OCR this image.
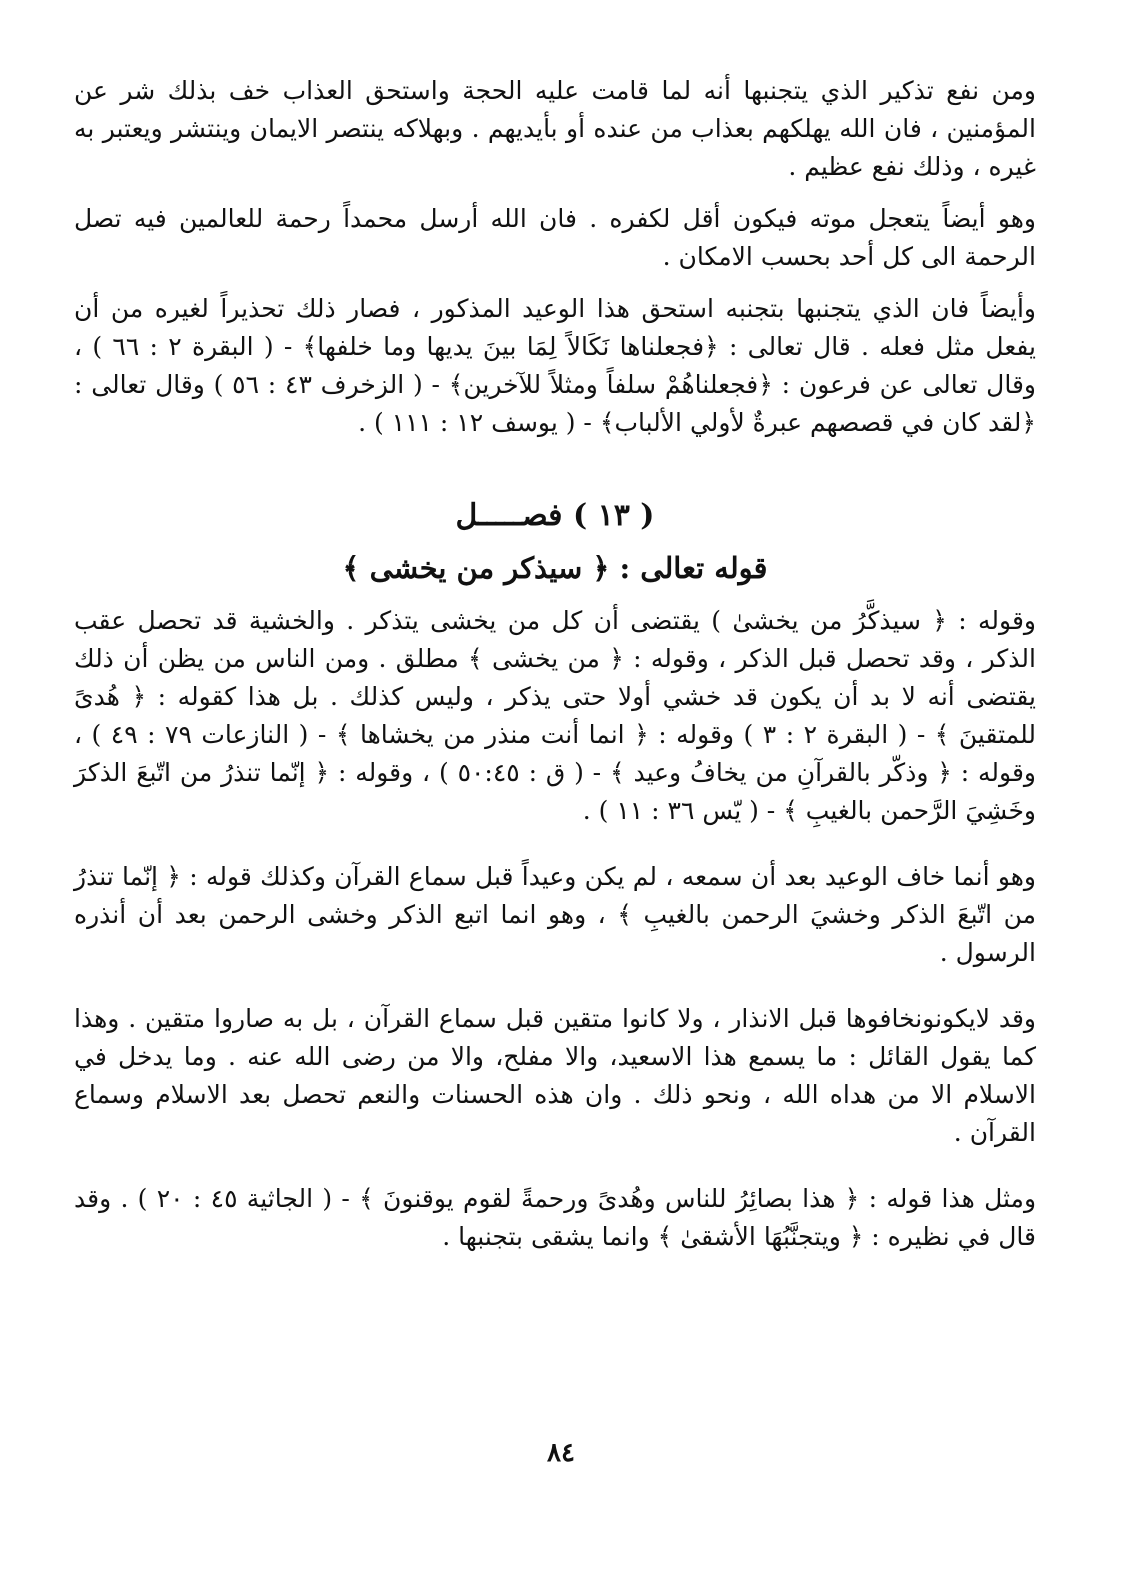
ومن نفع تذكير الذي يتجنبها أنه لما قامت عليه الحجة واستحق العذاب خف بذلك شر عن المؤمنين ، فان الله يهلكهم بعذاب من عنده أو بأيديهم . وبهلاكه ينتصر الايمان وينتشر ويعتبر به غيره ، وذلك نفع عظيم .

وهو أيضاً يتعجل موته فيكون أقل لكفره . فان الله أرسل محمداً رحمة للعالمين فيه تصل الرحمة الى كل أحد بحسب الامكان .

وأيضاً فان الذي يتجنبها بتجنبه استحق هذا الوعيد المذكور ، فصار ذلك تحذيراً لغيره من أن يفعل مثل فعله . قال تعالى : ﴿فجعلناها نَكَالاً لِمَا بينَ يديها وما خلفها﴾ - ( البقرة ٢ : ٦٦ ) ، وقال تعالى عن فرعون : ﴿فجعلناهُمْ سلفاً ومثلاً للآخرين﴾ - ( الزخرف ٤٣ : ٥٦ ) وقال تعالى : ﴿لقد كان في قصصهم عبرةٌ لأولي الألباب﴾ - ( يوسف ١٢ : ١١١ ) .

( ١٣ ) فصـــــل
قوله تعالى : ﴿ سيذكر من يخشى ﴾

وقوله : ﴿ سيذكَّرُ من يخشىٰ ) يقتضى أن كل من يخشى يتذكر . والخشية قد تحصل عقب الذكر ، وقد تحصل قبل الذكر ، وقوله : ﴿ من يخشى ﴾ مطلق . ومن الناس من يظن أن ذلك يقتضى أنه لا بد أن يكون قد خشي أولا حتى يذكر ، وليس كذلك . بل هذا كقوله : ﴿ هُدىً للمتقينَ ﴾ - ( البقرة ٢ : ٣ ) وقوله : ﴿ انما أنت منذر من يخشاها ﴾ - ( النازعات ٧٩ : ٤٩ ) ، وقوله : ﴿ وذكّر بالقرآنِ من يخافُ وعيد ﴾ - ( ق : ٥٠:٤٥ ) ، وقوله : ﴿ إنّما تنذرُ من اتّبعَ الذكرَ وخَشِيَ الرَّحمن بالغيبِ ﴾ - ( يّس ٣٦ : ١١ ) .

وهو أنما خاف الوعيد بعد أن سمعه ، لم يكن وعيداً قبل سماع القرآن وكذلك قوله : ﴿ إنّما تنذرُ من اتّبعَ الذكر وخشيَ الرحمن بالغيبِ ﴾ ، وهو انما اتبع الذكر وخشى الرحمن بعد أن أنذره الرسول .

وقد لايكونونخافوها قبل الانذار ، ولا كانوا متقين قبل سماع القرآن ، بل به صاروا متقين . وهذا كما يقول القائل : ما يسمع هذا الاسعيد، والا مفلح، والا من رضى الله عنه . وما يدخل في الاسلام الا من هداه الله ، ونحو ذلك . وان هذه الحسنات والنعم تحصل بعد الاسلام وسماع القرآن .

ومثل هذا قوله : ﴿ هذا بصائِرُ للناس وهُدىً ورحمةً لقوم يوقنونَ ﴾ - ( الجاثية ٤٥ : ٢٠ ) . وقد قال في نظيره : ﴿ ويتجنَّبُهَا الأشقىٰ ﴾ وانما يشقى بتجنبها .

٨٤
